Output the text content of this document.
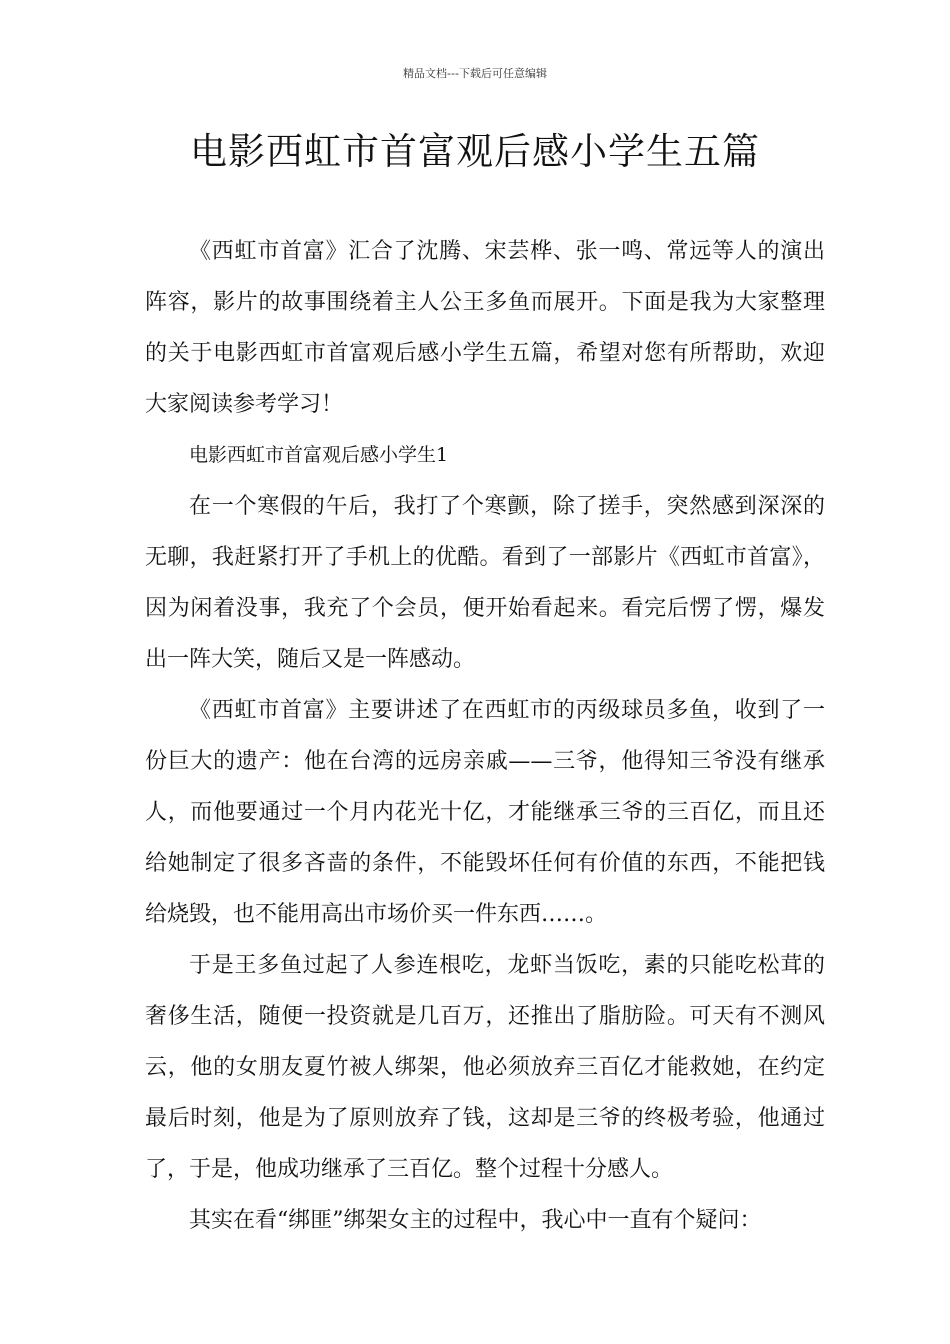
精品文档---下载后可任意编辑
电影西虹市首富观后感小学生五篇

《西虹市首富》汇合了沈腾、宋芸桦、张一鸣、常远等人的演出阵容，影片的故事围绕着主人公王多鱼而展开。下面是我为大家整理的关于电影西虹市首富观后感小学生五篇，希望对您有所帮助，欢迎大家阅读参考学习！

电影西虹市首富观后感小学生1

在一个寒假的午后，我打了个寒颤，除了搓手，突然感到深深的无聊，我赶紧打开了手机上的优酷。看到了一部影片《西虹市首富》，因为闲着没事，我充了个会员，便开始看起来。看完后愣了愣，爆发出一阵大笑，随后又是一阵感动。

《西虹市首富》主要讲述了在西虹市的丙级球员多鱼，收到了一份巨大的遗产：他在台湾的远房亲戚——三爷，他得知三爷没有继承人，而他要通过一个月内花光十亿，才能继承三爷的三百亿，而且还给她制定了很多吝啬的条件，不能毁坏任何有价值的东西，不能把钱给烧毁，也不能用高出市场价买一件东西……。

于是王多鱼过起了人参连根吃，龙虾当饭吃，素的只能吃松茸的奢侈生活，随便一投资就是几百万，还推出了脂肪险。可天有不测风云，他的女朋友夏竹被人绑架，他必须放弃三百亿才能救她，在约定最后时刻，他是为了原则放弃了钱，这却是三爷的终极考验，他通过了，于是，他成功继承了三百亿。整个过程十分感人。

其实在看“绑匪”绑架女主的过程中，我心中一直有个疑问：
